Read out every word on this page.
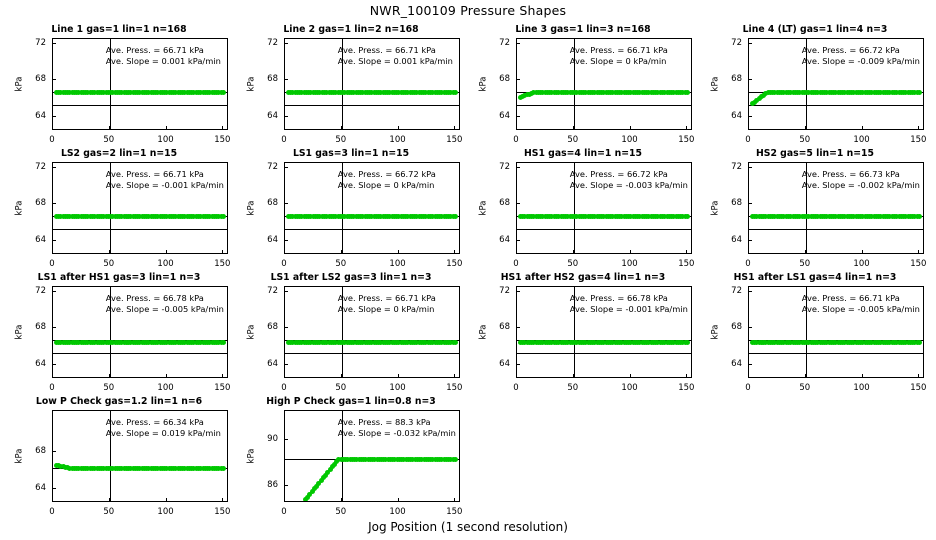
NWR_100109 Pressure Shapes
Jog Position (1 second resolution)
Line 1 gas=1 lin=1 n=168
kPa
Ave. Press. = 66.71 kPa
Ave. Slope = 0.001 kPa/min
64
68
72
0	50	100	150
Line 2 gas=1 lin=2 n=168
kPa
Ave. Press. = 66.71 kPa
Ave. Slope = 0.001 kPa/min
64
68
72
0	50	100	150
Line 3 gas=1 lin=3 n=168
kPa
Ave. Press. = 66.71 kPa
Ave. Slope = 0 kPa/min
64
68
72
0	50	100	150
Line 4 (LT) gas=1 lin=4 n=3
kPa
Ave. Press. = 66.72 kPa
Ave. Slope = -0.009 kPa/min
64
68
72
0	50	100	150
LS2 gas=2 lin=1 n=15
kPa
Ave. Press. = 66.71 kPa
Ave. Slope = -0.001 kPa/min
64
68
72
0	50	100	150
LS1 gas=3 lin=1 n=15
kPa
Ave. Press. = 66.72 kPa
Ave. Slope = 0 kPa/min
64
68
72
0	50	100	150
HS1 gas=4 lin=1 n=15
kPa
Ave. Press. = 66.72 kPa
Ave. Slope = -0.003 kPa/min
64
68
72
0	50	100	150
HS2 gas=5 lin=1 n=15
kPa
Ave. Press. = 66.73 kPa
Ave. Slope = -0.002 kPa/min
64
68
72
0	50	100	150
LS1 after HS1 gas=3 lin=1 n=3
kPa
Ave. Press. = 66.78 kPa
Ave. Slope = -0.005 kPa/min
64
68
72
0	50	100	150
LS1 after LS2 gas=3 lin=1 n=3
kPa
Ave. Press. = 66.71 kPa
Ave. Slope = 0 kPa/min
64
68
72
0	50	100	150
HS1 after HS2 gas=4 lin=1 n=3
kPa
Ave. Press. = 66.78 kPa
Ave. Slope = -0.001 kPa/min
64
68
72
0	50	100	150
HS1 after LS1 gas=4 lin=1 n=3
kPa
Ave. Press. = 66.71 kPa
Ave. Slope = -0.005 kPa/min
64
68
72
0	50	100	150
Low P Check gas=1.2 lin=1 n=6
kPa
Ave. Press. = 66.34 kPa
Ave. Slope = 0.019 kPa/min
64
68
0	50	100	150
High P Check gas=1 lin=0.8 n=3
kPa
Ave. Press. = 88.3 kPa
Ave. Slope = -0.032 kPa/min
86
90
0	50	100	150
